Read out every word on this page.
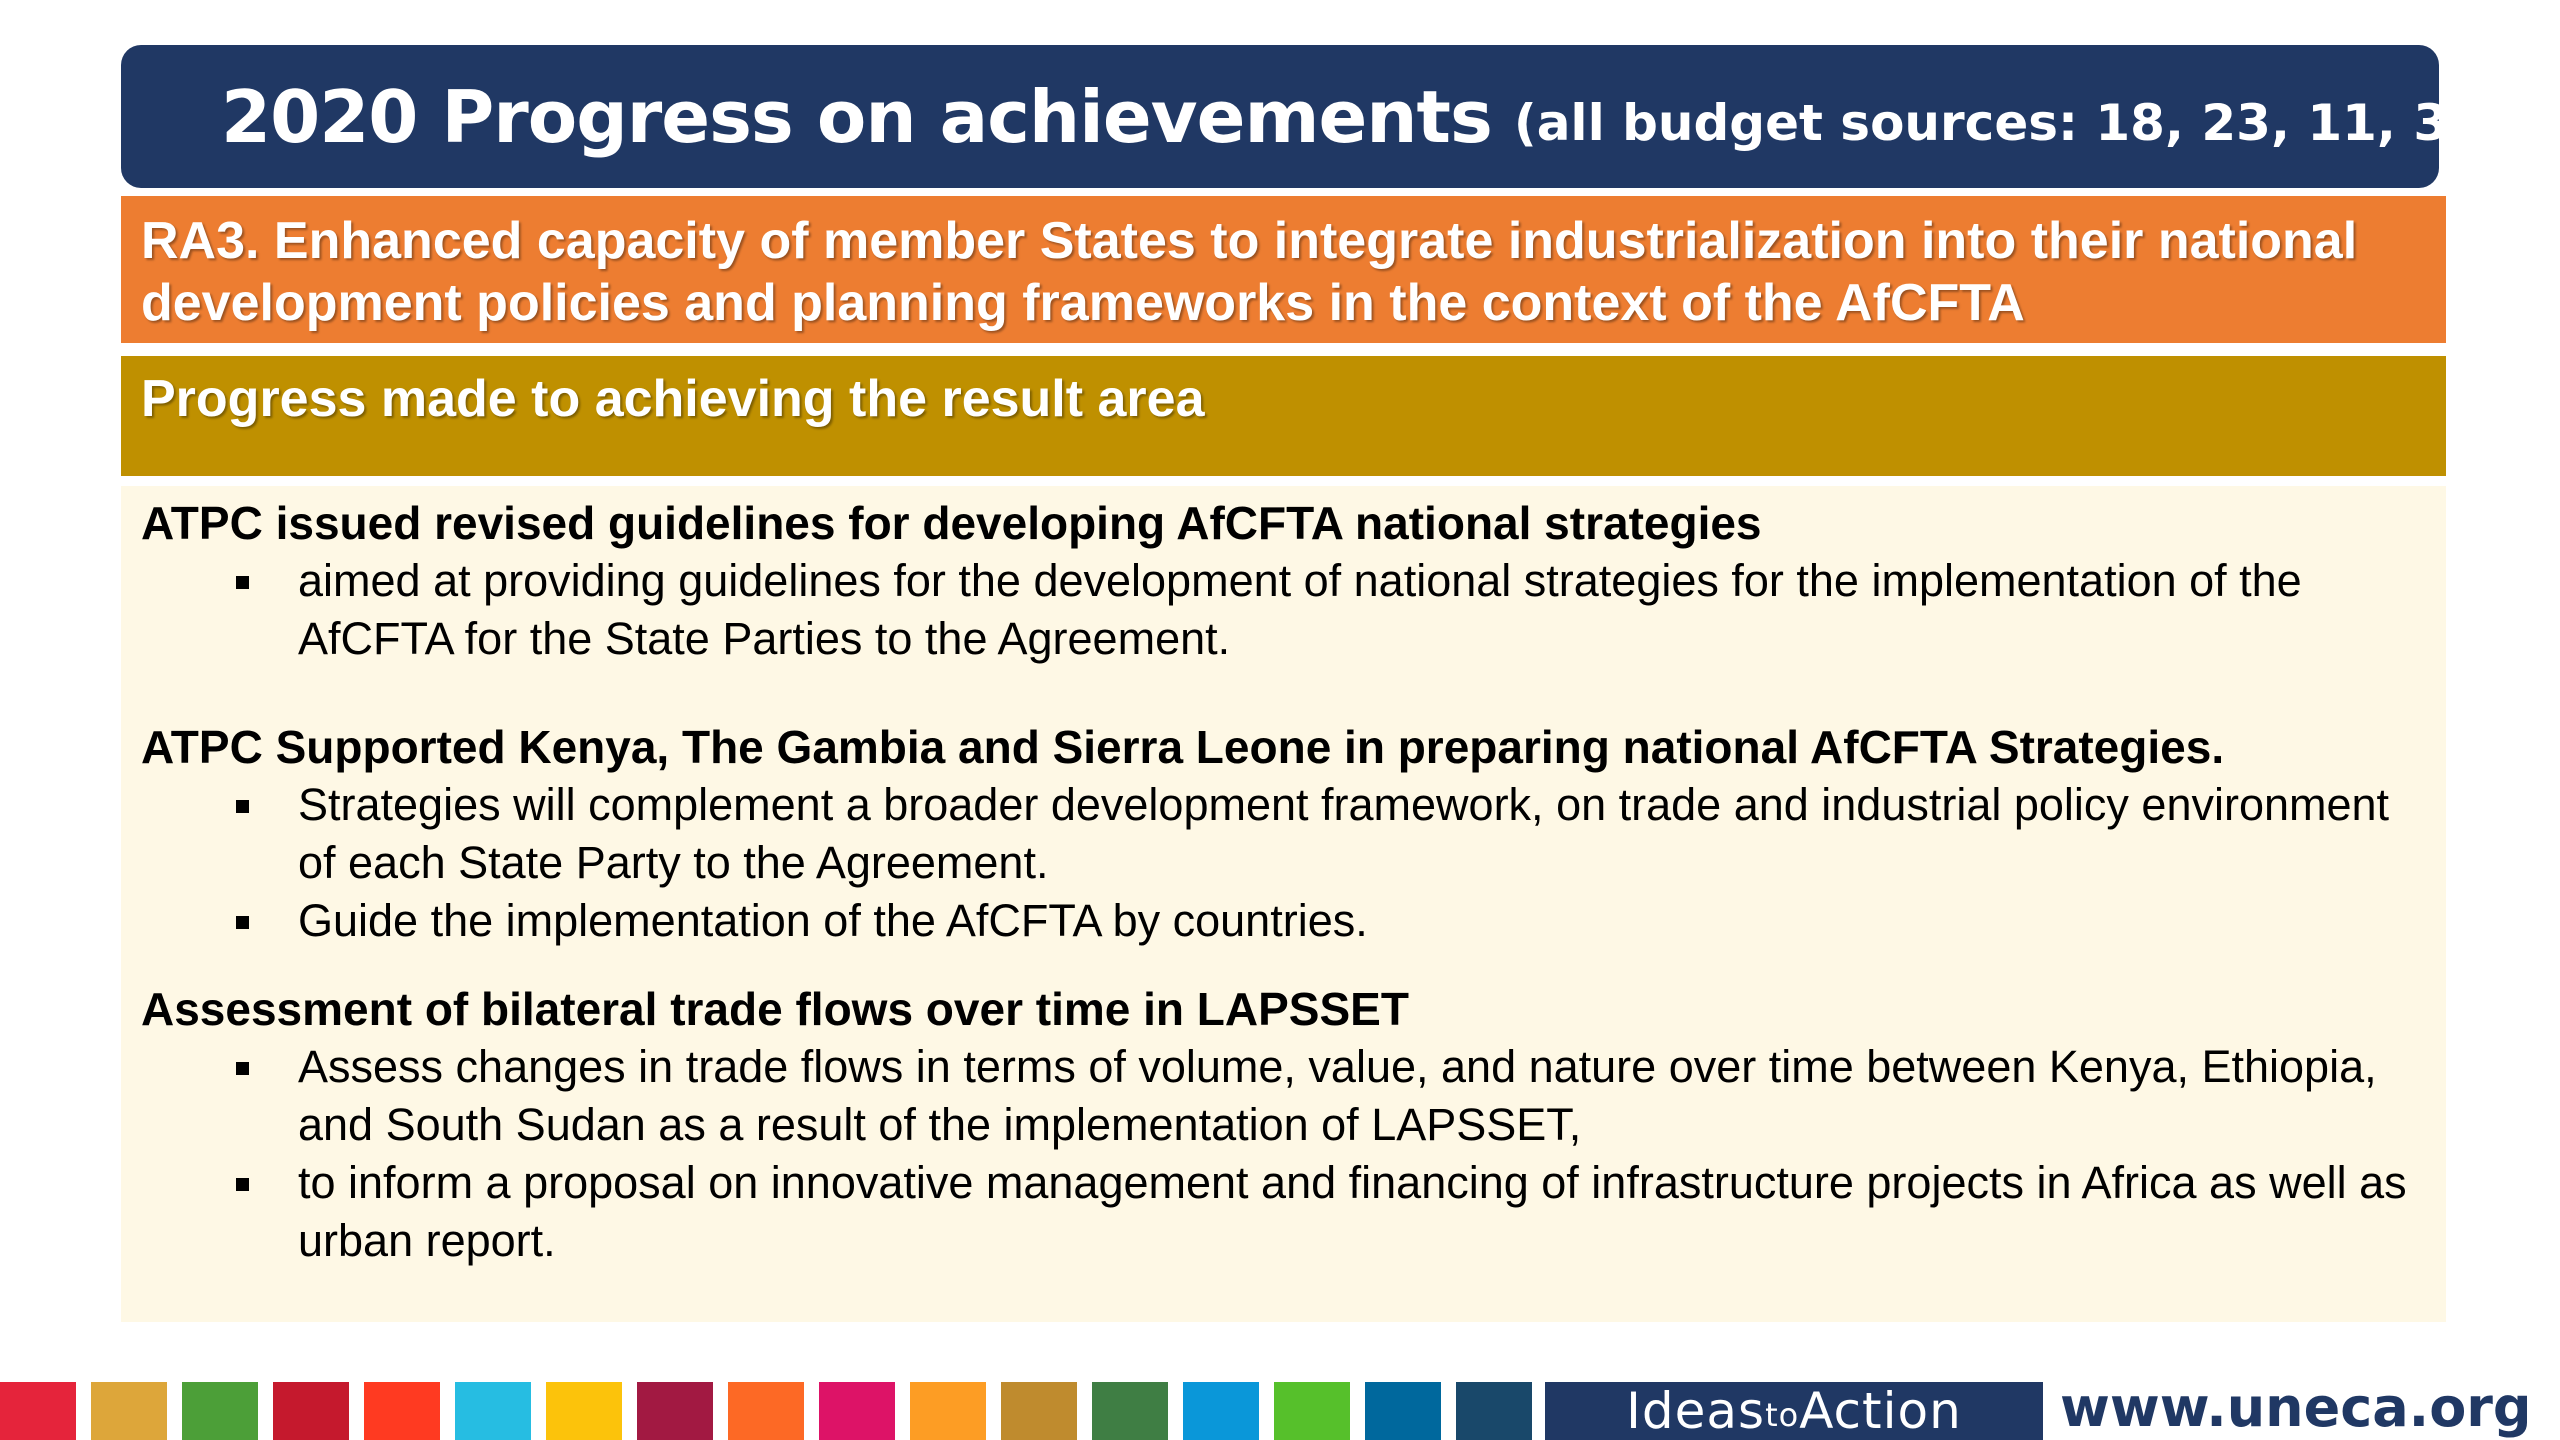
2020 Progress on achievements (all budget sources: 18, 23, 11, 35)
RA3. Enhanced capacity of member States to integrate industrialization into their national development policies and planning frameworks in the context of the AfCFTA
Progress made to achieving the result area

ATPC issued revised guidelines for developing AfCFTA national strategies

aimed at providing guidelines for the development of national strategies for the implementation of the AfCFTA for the State Parties to the Agreement.

ATPC Supported Kenya, The Gambia and Sierra Leone in preparing national AfCFTA Strategies.

Strategies will complement a broader development framework, on trade and industrial policy environment of each State Party to the Agreement.
Guide the implementation of the AfCFTA by countries.

Assessment of bilateral trade flows over time in LAPSSET

Assess changes in trade flows in terms of volume, value, and nature over time between Kenya, Ethiopia, and South Sudan as a result of the implementation of LAPSSET,
to inform a proposal on innovative management and financing of infrastructure projects in Africa as well as urban report.
Ideas to Action www.uneca.org
